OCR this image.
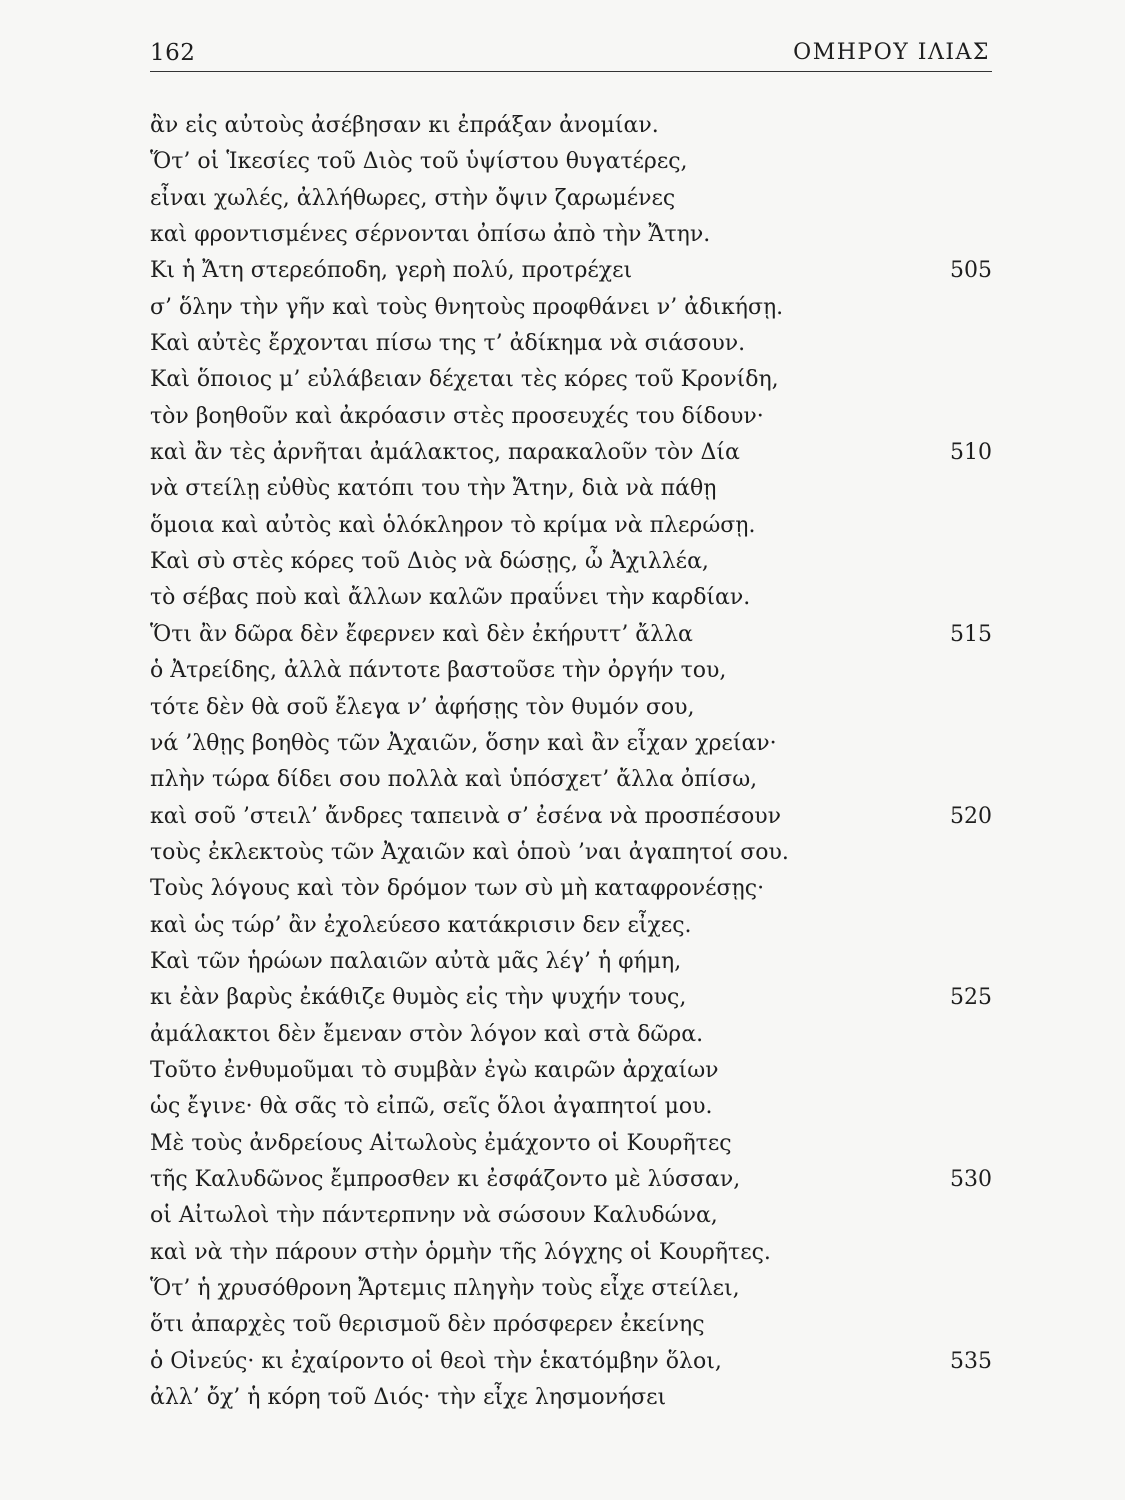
162	ΟΜΗΡΟΥ ΙΛΙΑΣ
ἂν εἰς αὐτοὺς ἀσέβησαν κι ἐπράξαν ἀνομίαν.
Ὅτ’ οἱ Ἱκεσίες τοῦ Διὸς τοῦ ὑψίστου θυγατέρες,
εἶναι χωλές, ἀλλήθωρες, στὴν ὄψιν ζαρωμένες
καὶ φροντισμένες σέρνονται ὀπίσω ἀπὸ τὴν Ἄτην.
Κι ἡ Ἄτη στερεόποδη, γερὴ πολύ, προτρέχει	505
σ’ ὅλην τὴν γῆν καὶ τοὺς θνητοὺς προφθάνει ν’ ἀδικήσῃ.
Καὶ αὐτὲς ἔρχονται πίσω της τ’ ἀδίκημα νὰ σιάσουν.
Καὶ ὅποιος μ’ εὐλάβειαν δέχεται τὲς κόρες τοῦ Κρονίδη,
τὸν βοηθοῦν καὶ ἀκρόασιν στὲς προσευχές του δίδουν·
καὶ ἂν τὲς ἀρνῆται ἀμάλακτος, παρακαλοῦν τὸν Δία	510
νὰ στείλῃ εὐθὺς κατόπι του τὴν Ἄτην, διὰ νὰ πάθῃ
ὅμοια καὶ αὐτὸς καὶ ὁλόκληρον τὸ κρίμα νὰ πλερώσῃ.
Καὶ σὺ στὲς κόρες τοῦ Διὸς νὰ δώσῃς, ὦ Ἀχιλλέα,
τὸ σέβας ποὺ καὶ ἄλλων καλῶν πραΰνει τὴν καρδίαν.
Ὅτι ἂν δῶρα δὲν ἔφερνεν καὶ δὲν ἐκήρυττ’ ἄλλα	515
ὁ Ἀτρείδης, ἀλλὰ πάντοτε βαστοῦσε τὴν ὀργήν του,
τότε δὲν θὰ σοῦ ἔλεγα ν’ ἀφήσῃς τὸν θυμόν σου,
νά ’λθῃς βοηθὸς τῶν Ἀχαιῶν, ὅσην καὶ ἂν εἶχαν χρείαν·
πλὴν τώρα δίδει σου πολλὰ καὶ ὑπόσχετ’ ἄλλα ὀπίσω,
καὶ σοῦ ’στειλ’ ἄνδρες ταπεινὰ σ’ ἐσένα νὰ προσπέσουν	520
τοὺς ἐκλεκτοὺς τῶν Ἀχαιῶν καὶ ὁποὺ ’ναι ἀγαπητοί σου.
Τοὺς λόγους καὶ τὸν δρόμον των σὺ μὴ καταφρονέσῃς·
καὶ ὡς τώρ’ ἂν ἐχολεύεσο κατάκρισιν δεν εἶχες.
Καὶ τῶν ἡρώων παλαιῶν αὐτὰ μᾶς λέγ’ ἡ φήμη,
κι ἐὰν βαρὺς ἐκάθιζε θυμὸς εἰς τὴν ψυχήν τους,	525
ἀμάλακτοι δὲν ἔμεναν στὸν λόγον καὶ στὰ δῶρα.
Τοῦτο ἐνθυμοῦμαι τὸ συμβὰν ἐγὼ καιρῶν ἀρχαίων
ὡς ἔγινε· θὰ σᾶς τὸ εἰπῶ, σεῖς ὅλοι ἀγαπητοί μου.
Μὲ τοὺς ἀνδρείους Αἰτωλοὺς ἐμάχοντο οἱ Κουρῆτες
τῆς Καλυδῶνος ἔμπροσθεν κι ἐσφάζοντο μὲ λύσσαν,	530
οἱ Αἰτωλοὶ τὴν πάντερπνην νὰ σώσουν Καλυδώνα,
καὶ νὰ τὴν πάρουν στὴν ὁρμὴν τῆς λόγχης οἱ Κουρῆτες.
Ὅτ’ ἡ χρυσόθρονη Ἄρτεμις πληγὴν τοὺς εἶχε στείλει,
ὅτι ἀπαρχὲς τοῦ θερισμοῦ δὲν πρόσφερεν ἐκείνης
ὁ Οἰνεύς· κι ἐχαίροντο οἱ θεοὶ τὴν ἑκατόμβην ὅλοι,	535
ἀλλ’ ὄχ’ ἡ κόρη τοῦ Διός· τὴν εἶχε λησμονήσει
